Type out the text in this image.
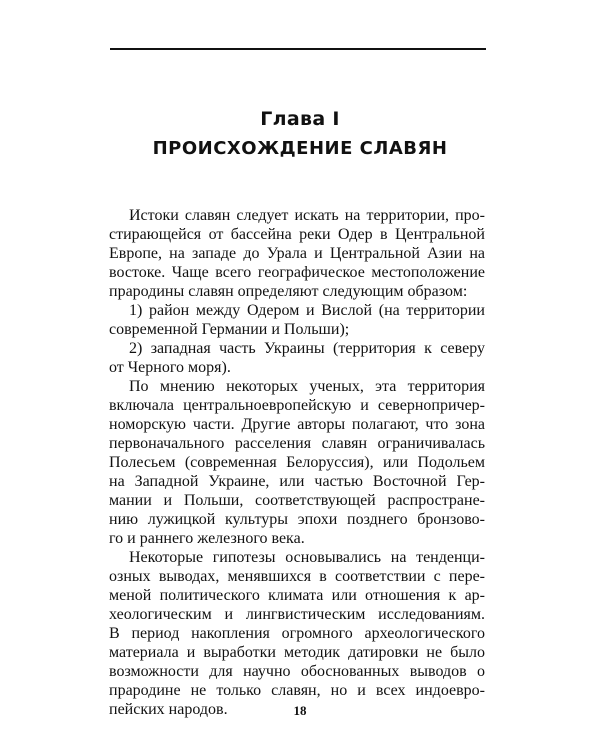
Глава I
ПРОИСХОЖДЕНИЕ СЛАВЯН
Истоки славян следует искать на территории, про-
стирающейся от бассейна реки Одер в Центральной
Европе, на западе до Урала и Центральной Азии на
востоке. Чаще всего географическое местоположение
прародины славян определяют следующим образом:
1) район между Одером и Вислой (на территории
современной Германии и Польши);
2) западная часть Украины (территория к северу
от Черного моря).
По мнению некоторых ученых, эта территория
включала центральноевропейскую и севернопричер-
номорскую части. Другие авторы полагают, что зона
первоначального расселения славян ограничивалась
Полесьем (современная Белоруссия), или Подольем
на Западной Украине, или частью Восточной Гер-
мании и Польши, соответствующей распростране-
нию лужицкой культуры эпохи позднего бронзово-
го и раннего железного века.
Некоторые гипотезы основывались на тенденци-
озных выводах, менявшихся в соответствии с пере-
меной политического климата или отношения к ар-
хеологическим и лингвистическим исследованиям.
В период накопления огромного археологического
материала и выработки методик датировки не было
возможности для научно обоснованных выводов о
прародине не только славян, но и всех индоевро-
пейских народов.	18
